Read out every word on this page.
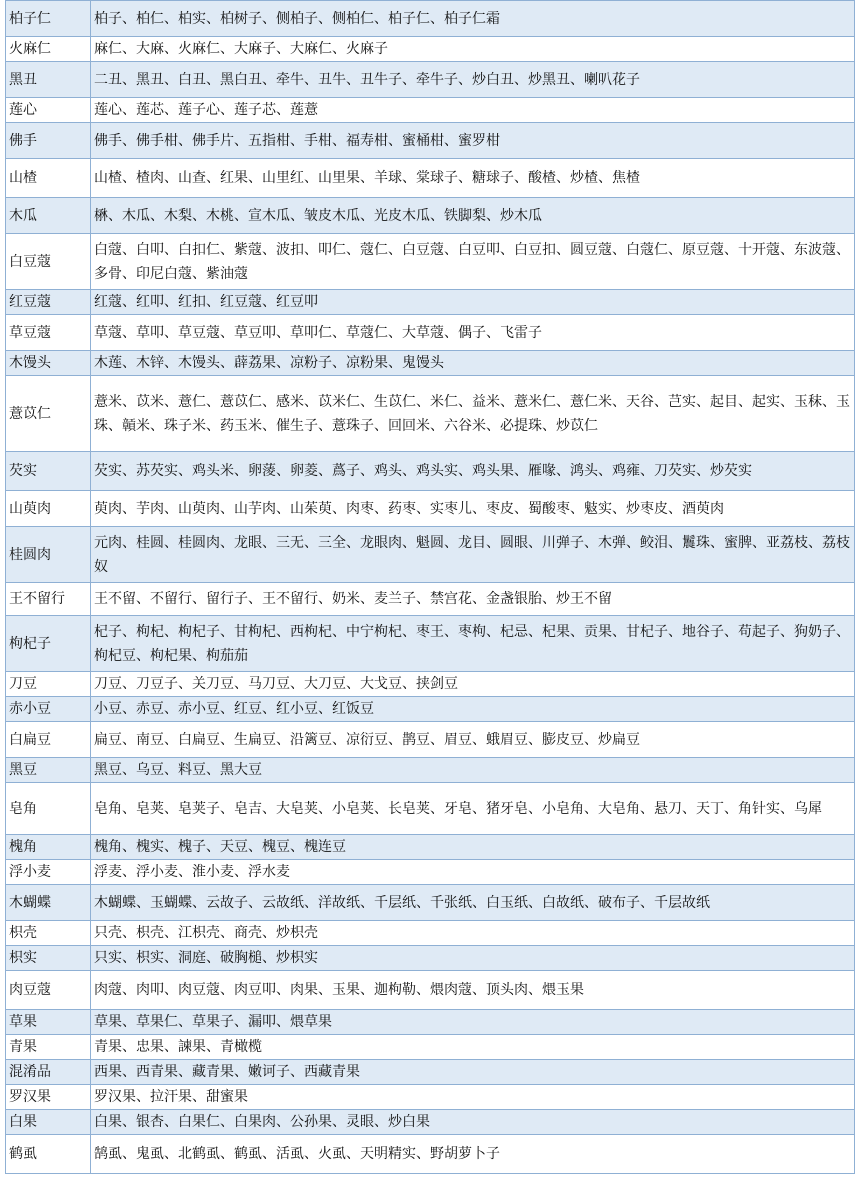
柏子仁	柏子、柏仁、柏实、柏树子、侧柏子、侧柏仁、柏子仁、柏子仁霜
火麻仁	麻仁、大麻、火麻仁、大麻子、大麻仁、火麻子
黑丑	二丑、黑丑、白丑、黑白丑、牵牛、丑牛、丑牛子、牵牛子、炒白丑、炒黑丑、喇叭花子
莲心	莲心、莲芯、莲子心、莲子芯、莲薏
佛手	佛手、佛手柑、佛手片、五指柑、手柑、福寿柑、蜜桶柑、蜜罗柑
山楂	山楂、楂肉、山查、红果、山里红、山里果、羊球、棠球子、糖球子、酸楂、炒楂、焦楂
木瓜	楙、木瓜、木梨、木桃、宣木瓜、皱皮木瓜、光皮木瓜、铁脚梨、炒木瓜
白豆蔻	白蔻、白叩、白扣仁、紫蔻、波扣、叩仁、蔻仁、白豆蔻、白豆叩、白豆扣、圆豆蔻、白蔻仁、原豆蔻、十开蔻、东波蔻、多骨、印尼白蔻、紫油蔻
红豆蔻	红蔻、红叩、红扣、红豆蔻、红豆叩
草豆蔻	草蔻、草叩、草豆蔻、草豆叩、草叩仁、草蔻仁、大草蔻、偶子、飞雷子
木馒头	木莲、木锌、木馒头、薜荔果、凉粉子、凉粉果、鬼馒头
薏苡仁	薏米、苡米、薏仁、薏苡仁、感米、苡米仁、生苡仁、米仁、益米、薏米仁、薏仁米、天谷、芑实、起目、起实、玉秣、玉珠、贑米、珠子米、药玉米、催生子、薏珠子、回回米、六谷米、必提珠、炒苡仁
芡实	芡实、苏芡实、鸡头米、卵蔆、卵菱、蔿子、鸡头、鸡头实、鸡头果、雁喙、鸿头、鸡雍、刀芡实、炒芡实
山萸肉	萸肉、芋肉、山萸肉、山芋肉、山茱萸、肉枣、药枣、实枣儿、枣皮、蜀酸枣、鬾实、炒枣皮、酒萸肉
桂圆肉	元肉、桂圆、桂圆肉、龙眼、三无、三全、龙眼肉、魁圆、龙目、圆眼、川弹子、木弹、鲛泪、鬞珠、蜜脾、亚荔枝、荔枝奴
王不留行	王不留、不留行、留行子、王不留行、奶米、麦兰子、禁宫花、金盏银胎、炒王不留
枸杞子	杞子、枸杞、枸杞子、甘枸杞、西枸杞、中宁枸杞、枣王、枣枸、杞忌、杞果、贡果、甘杞子、地谷子、苟起子、狗奶子、枸杞豆、枸杞果、枸茄茄
刀豆	刀豆、刀豆子、关刀豆、马刀豆、大刀豆、大戈豆、挟剑豆
赤小豆	小豆、赤豆、赤小豆、红豆、红小豆、红饭豆
白扁豆	扁豆、南豆、白扁豆、生扁豆、沿篱豆、凉衍豆、鹊豆、眉豆、蛾眉豆、膨皮豆、炒扁豆
黑豆	黑豆、乌豆、料豆、黑大豆
皂角	皂角、皂荚、皂荚子、皂吉、大皂荚、小皂荚、长皂荚、牙皂、猪牙皂、小皂角、大皂角、悬刀、天丁、角针实、乌犀
槐角	槐角、槐实、槐子、天豆、槐豆、槐连豆
浮小麦	浮麦、浮小麦、淮小麦、浮水麦
木蝴蝶	木蝴蝶、玉蝴蝶、云故子、云故纸、洋故纸、千层纸、千张纸、白玉纸、白故纸、破布子、千层故纸
枳壳	只壳、枳壳、江枳壳、商壳、炒枳壳
枳实	只实、枳实、洞庭、破胸槌、炒枳实
肉豆蔻	肉蔻、肉叩、肉豆蔻、肉豆叩、肉果、玉果、迦枸勒、煨肉蔻、顶头肉、煨玉果
草果	草果、草果仁、草果子、漏叩、煨草果
青果	青果、忠果、諫果、青橄榄
混淆品	西果、西青果、藏青果、嫩诃子、西藏青果
罗汉果	罗汉果、拉汗果、甜蜜果
白果	白果、银杏、白果仁、白果肉、公孙果、灵眼、炒白果
鹤虱	鹄虱、鬼虱、北鹤虱、鹤虱、活虱、火虱、天明精实、野胡萝卜子
